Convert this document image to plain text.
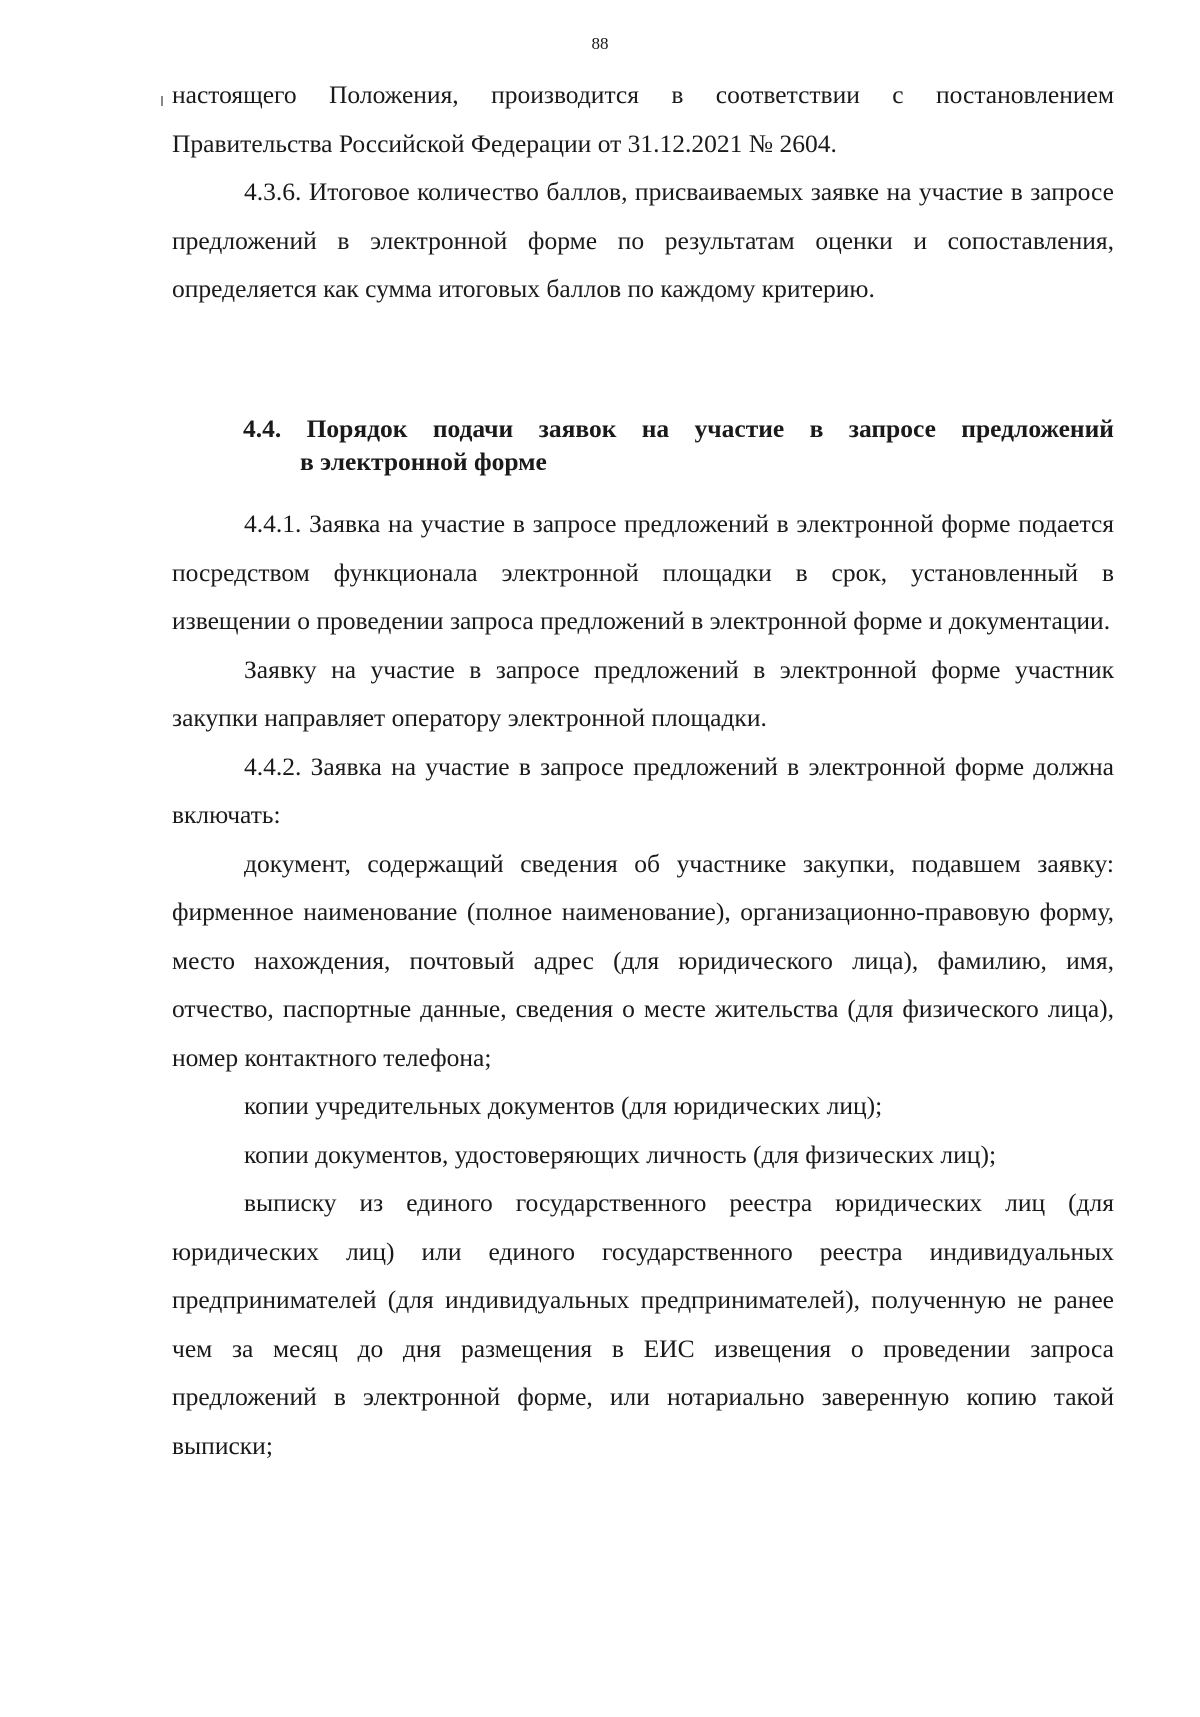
88

настоящего Положения, производится в соответствии с постановлением Правительства Российской Федерации от 31.12.2021 № 2604.

4.3.6. Итоговое количество баллов, присваиваемых заявке на участие в запросе предложений в электронной форме по результатам оценки и сопоставления, определяется как сумма итоговых баллов по каждому критерию.

4.4. Порядок подачи заявок на участие в запросе предложений
в электронной форме

4.4.1. Заявка на участие в запросе предложений в электронной форме подается посредством функционала электронной площадки в срок, установленный в извещении о проведении запроса предложений в электронной форме и документации.

Заявку на участие в запросе предложений в электронной форме участник закупки направляет оператору электронной площадки.

4.4.2. Заявка на участие в запросе предложений в электронной форме должна включать:

документ, содержащий сведения об участнике закупки, подавшем заявку: фирменное наименование (полное наименование), организационно-правовую форму, место нахождения, почтовый адрес (для юридического лица), фамилию, имя, отчество, паспортные данные, сведения о месте жительства (для физического лица), номер контактного телефона;

копии учредительных документов (для юридических лиц);

копии документов, удостоверяющих личность (для физических лиц);

выписку из единого государственного реестра юридических лиц (для юридических лиц) или единого государственного реестра индивидуальных предпринимателей (для индивидуальных предпринимателей), полученную не ранее чем за месяц до дня размещения в ЕИС извещения о проведении запроса предложений в электронной форме, или нотариально заверенную копию такой выписки;
